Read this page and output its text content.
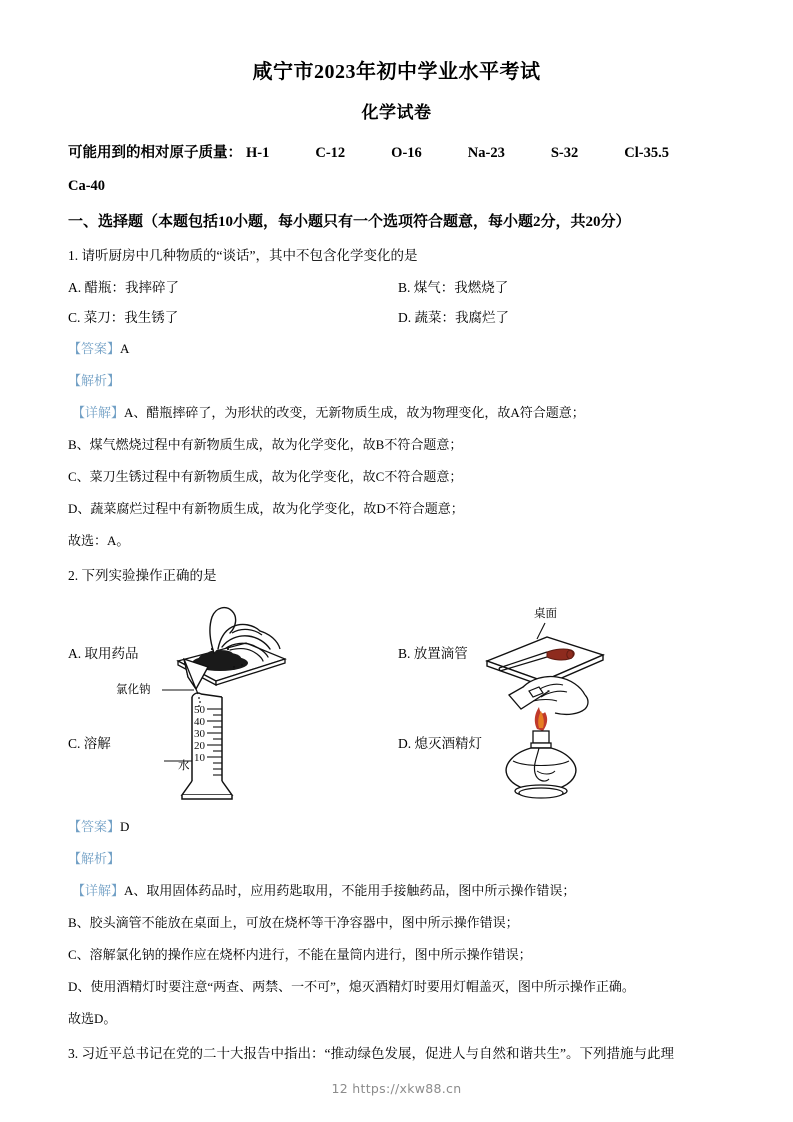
咸宁市2023年初中学业水平考试
化学试卷
可能用到的相对原子质量： H-1	C-12	O-16	Na-23	S-32	Cl-35.5
Ca-40
一、选择题（本题包括10小题，每小题只有一个选项符合题意，每小题2分，共20分）
1. 请听厨房中几种物质的“谈话”，其中不包含化学变化的是
A. 醋瓶：我摔碎了	B. 煤气：我燃烧了
C. 菜刀：我生锈了	D. 蔬菜：我腐烂了
【答案】A
【解析】
【详解】A、醋瓶摔碎了，为形状的改变，无新物质生成，故为物理变化，故A符合题意；
B、煤气燃烧过程中有新物质生成，故为化学变化，故B不符合题意；
C、菜刀生锈过程中有新物质生成，故为化学变化，故C不符合题意；
D、蔬菜腐烂过程中有新物质生成，故为化学变化，故D不符合题意；
故选：A。
2. 下列实验操作正确的是
A. 取用药品	B. 放置滴管
桌面
氯化钠
C. 溶解
水
50
40
30
20
10
D. 熄灭酒精灯
【答案】D
【解析】
【详解】A、取用固体药品时，应用药匙取用，不能用手接触药品，图中所示操作错误；
B、胶头滴管不能放在桌面上，可放在烧杯等干净容器中，图中所示操作错误；
C、溶解氯化钠的操作应在烧杯内进行，不能在量筒内进行，图中所示操作错误；
D、使用酒精灯时要注意“两查、两禁、一不可”，熄灭酒精灯时要用灯帽盖灭，图中所示操作正确。
故选D。
3. 习近平总书记在党的二十大报告中指出：“推动绿色发展，促进人与自然和谐共生”。下列措施与此理
12 https://xkw88.cn
